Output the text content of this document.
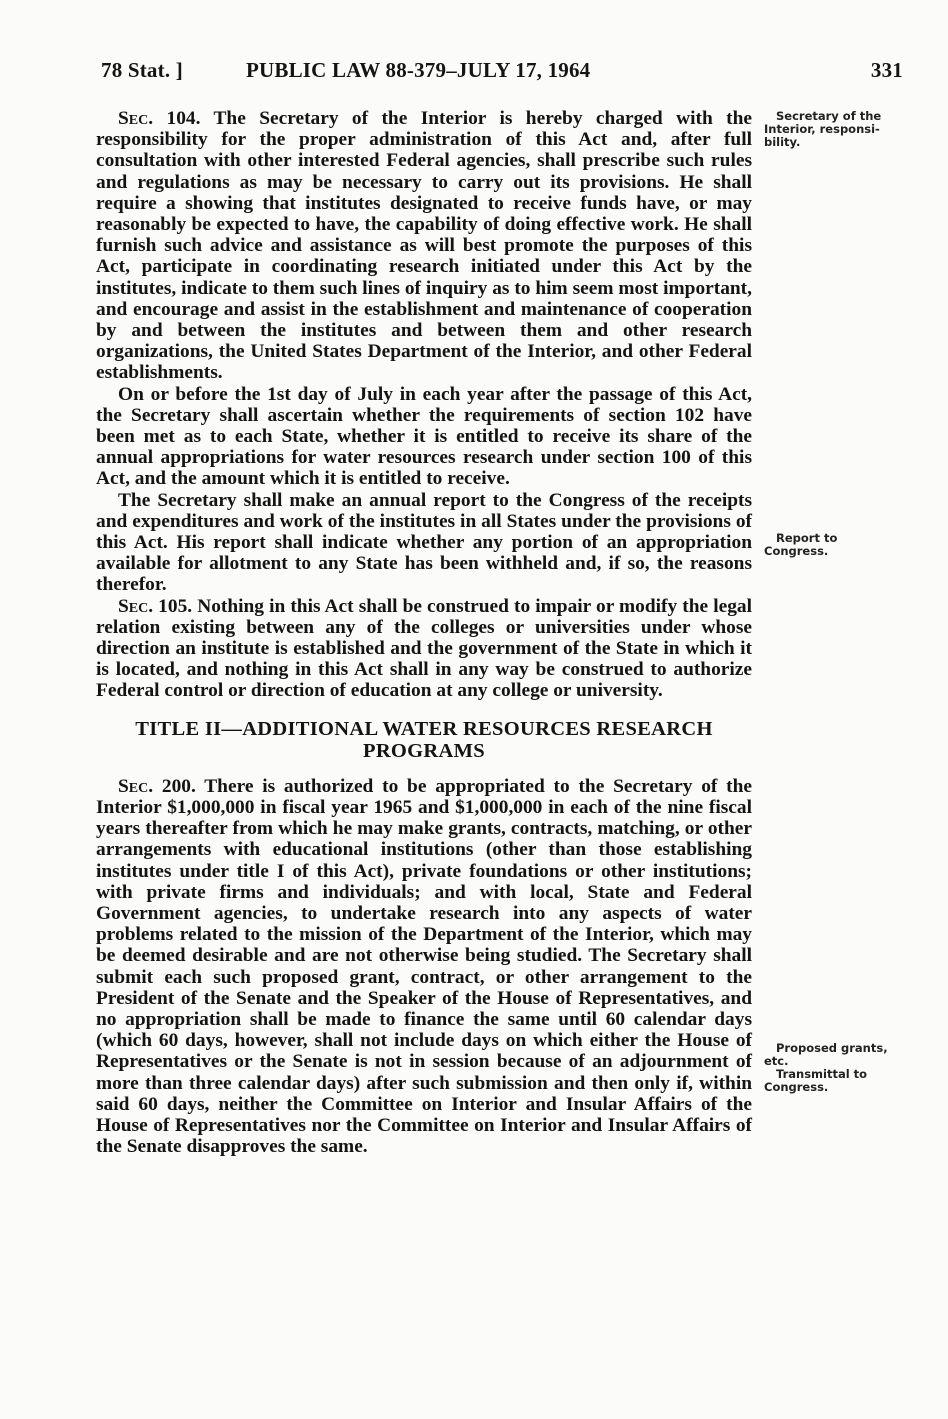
78 Stat. ]	PUBLIC LAW 88-379–JULY 17, 1964	331

Sec. 104. The Secretary of the Interior is hereby charged with the responsibility for the proper administration of this Act and, after full consultation with other interested Federal agencies, shall prescribe such rules and regulations as may be necessary to carry out its provisions. He shall require a showing that institutes designated to receive funds have, or may reasonably be expected to have, the capability of doing effective work. He shall furnish such advice and assistance as will best promote the purposes of this Act, participate in coordinating research initiated under this Act by the institutes, indicate to them such lines of inquiry as to him seem most important, and encourage and assist in the establishment and maintenance of cooperation by and between the institutes and between them and other research organizations, the United States Department of the Interior, and other Federal establishments.

On or before the 1st day of July in each year after the passage of this Act, the Secretary shall ascertain whether the requirements of section 102 have been met as to each State, whether it is entitled to receive its share of the annual appropriations for water resources research under section 100 of this Act, and the amount which it is entitled to receive.

The Secretary shall make an annual report to the Congress of the receipts and expenditures and work of the institutes in all States under the provisions of this Act. His report shall indicate whether any portion of an appropriation available for allotment to any State has been withheld and, if so, the reasons therefor.

Sec. 105. Nothing in this Act shall be construed to impair or modify the legal relation existing between any of the colleges or universities under whose direction an institute is established and the government of the State in which it is located, and nothing in this Act shall in any way be construed to authorize Federal control or direction of education at any college or university.

TITLE II—ADDITIONAL WATER RESOURCES RESEARCH
PROGRAMS

Sec. 200. There is authorized to be appropriated to the Secretary of the Interior $1,000,000 in fiscal year 1965 and $1,000,000 in each of the nine fiscal years thereafter from which he may make grants, contracts, matching, or other arrangements with educational institutions (other than those establishing institutes under title I of this Act), private foundations or other institutions; with private firms and individuals; and with local, State and Federal Government agencies, to undertake research into any aspects of water problems related to the mission of the Department of the Interior, which may be deemed desirable and are not otherwise being studied. The Secretary shall submit each such proposed grant, contract, or other arrangement to the President of the Senate and the Speaker of the House of Representatives, and no appropriation shall be made to finance the same until 60 calendar days (which 60 days, however, shall not include days on which either the House of Representatives or the Senate is not in session because of an adjournment of more than three calendar days) after such submission and then only if, within said 60 days, neither the Committee on Interior and Insular Affairs of the House of Representatives nor the Committee on Interior and Insular Affairs of the Senate disapproves the same.

Secretary of the
Interior, responsi-
bility.
Report to
Congress.
Proposed grants,
etc.
Transmittal to
Congress.
